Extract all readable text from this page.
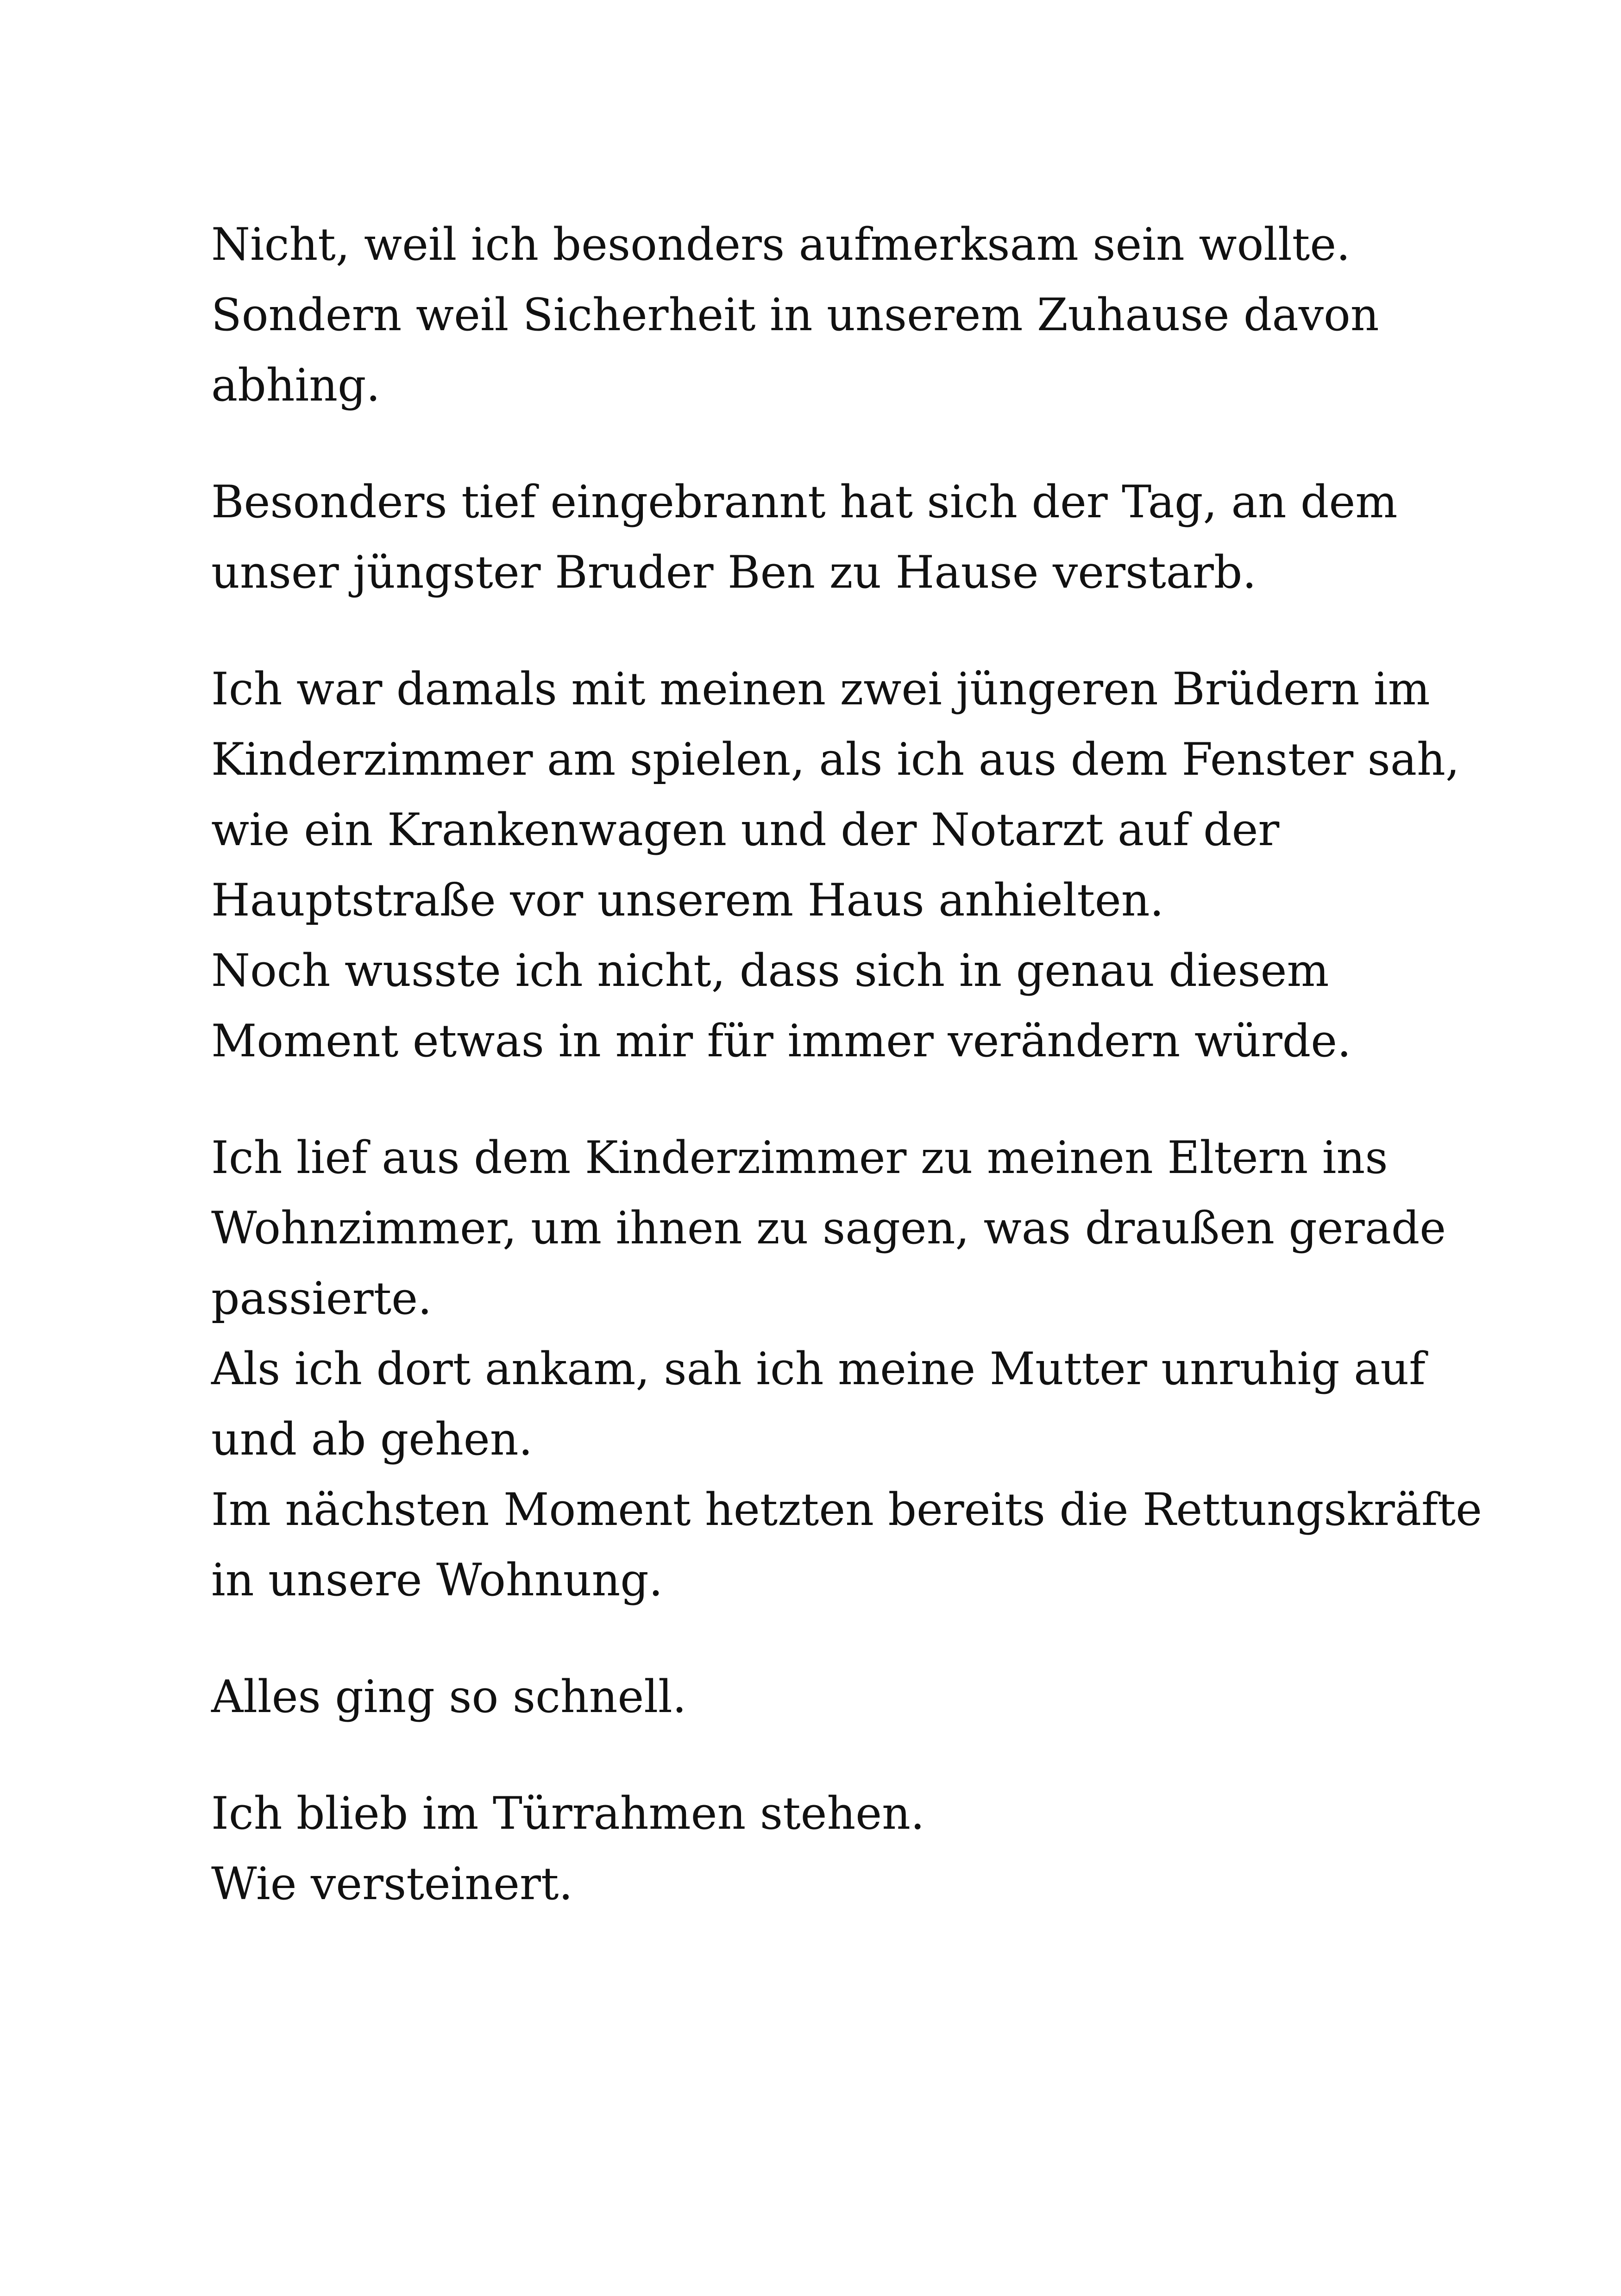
Nicht, weil ich besonders aufmerksam sein wollte.
Sondern weil Sicherheit in unserem Zuhause davon
abhing.
Besonders tief eingebrannt hat sich der Tag, an dem
unser jüngster Bruder Ben zu Hause verstarb.
Ich war damals mit meinen zwei jüngeren Brüdern im
Kinderzimmer am spielen, als ich aus dem Fenster sah,
wie ein Krankenwagen und der Notarzt auf der
Hauptstraße vor unserem Haus anhielten.
Noch wusste ich nicht, dass sich in genau diesem
Moment etwas in mir für immer verändern würde.
Ich lief aus dem Kinderzimmer zu meinen Eltern ins
Wohnzimmer, um ihnen zu sagen, was draußen gerade
passierte.
Als ich dort ankam, sah ich meine Mutter unruhig auf
und ab gehen.
Im nächsten Moment hetzten bereits die Rettungskräfte
in unsere Wohnung.
Alles ging so schnell.
Ich blieb im Türrahmen stehen.
Wie versteinert.
